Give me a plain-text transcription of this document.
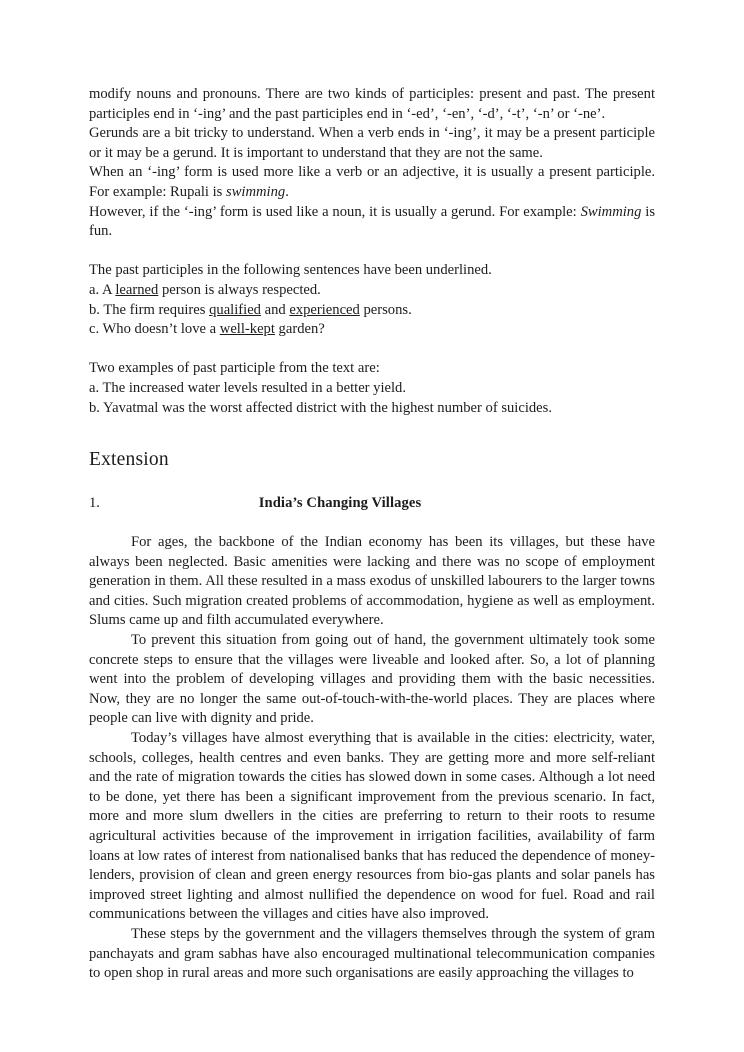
modify nouns and pronouns. There are two kinds of participles: present and past. The present participles end in ‘-ing’ and the past participles end in ‘-ed’, ‘-en’, ‘-d’, ‘-t’, ‘-n’ or ‘-ne’.

Gerunds are a bit tricky to understand. When a verb ends in ‘-ing’, it may be a present participle or it may be a gerund. It is important to understand that they are not the same.

When an ‘-ing’ form is used more like a verb or an adjective, it is usually a present participle. For example: Rupali is swimming.

However, if the ‘-ing’ form is used like a noun, it is usually a gerund. For example: Swimming is fun.

The past participles in the following sentences have been underlined.

a. A learned person is always respected.

b. The firm requires qualified and experienced persons.

c. Who doesn’t love a well-kept garden?

Two examples of past participle from the text are:

a. The increased water levels resulted in a better yield.

b. Yavatmal was the worst affected district with the highest number of suicides.

Extension
1.	India’s Changing Villages

For ages, the backbone of the Indian economy has been its villages, but these have always been neglected. Basic amenities were lacking and there was no scope of employment generation in them. All these resulted in a mass exodus of unskilled labourers to the larger towns and cities. Such migration created problems of accommodation, hygiene as well as employment. Slums came up and filth accumulated everywhere.

To prevent this situation from going out of hand, the government ultimately took some concrete steps to ensure that the villages were liveable and looked after. So, a lot of planning went into the problem of developing villages and providing them with the basic necessities. Now, they are no longer the same out-of-touch-with-the-world places. They are places where people can live with dignity and pride.

Today’s villages have almost everything that is available in the cities: electricity, water, schools, colleges, health centres and even banks. They are getting more and more self-reliant and the rate of migration towards the cities has slowed down in some cases. Although a lot need to be done, yet there has been a significant improvement from the previous scenario. In fact, more and more slum dwellers in the cities are preferring to return to their roots to resume agricultural activities because of the improvement in irrigation facilities, availability of farm loans at low rates of interest from nationalised banks that has reduced the dependence of money-lenders, provision of clean and green energy resources from bio-gas plants and solar panels has improved street lighting and almost nullified the dependence on wood for fuel. Road and rail communications between the villages and cities have also improved.

These steps by the government and the villagers themselves through the system of gram panchayats and gram sabhas have also encouraged multinational telecommunication companies to open shop in rural areas and more such organisations are easily approaching the villages to
